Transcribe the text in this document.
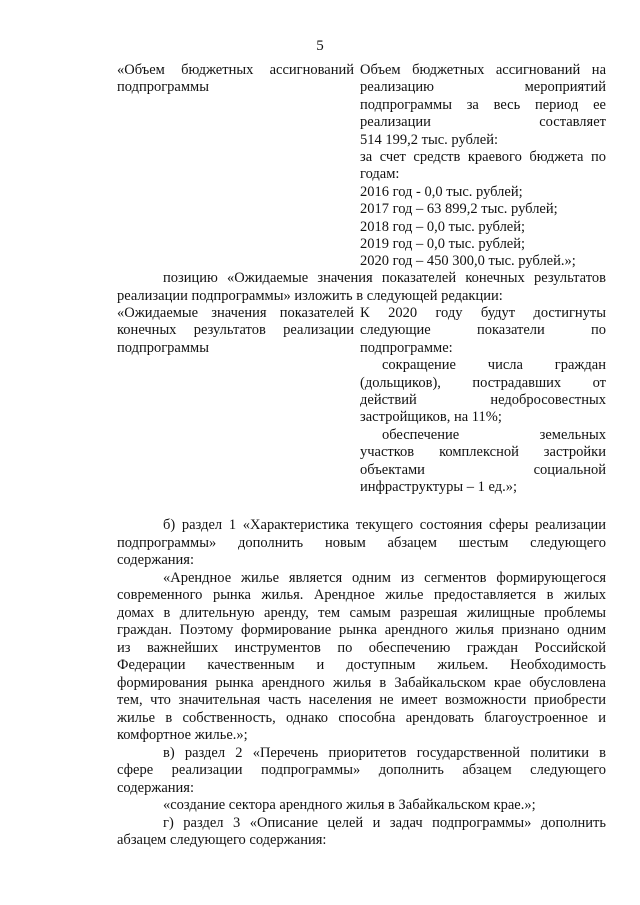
5
«Объем бюджетных ассигнований
подпрограммы
Объем бюджетных ассигнований на
реализацию мероприятий
подпрограммы за весь период ее
реализации составляет
514 199,2 тыс. рублей:
за счет средств краевого бюджета по
годам:
2016 год - 0,0 тыс. рублей;
2017 год – 63 899,2 тыс. рублей;
2018 год – 0,0 тыс. рублей;
2019 год – 0,0 тыс. рублей;
2020 год – 450 300,0 тыс. рублей.»;
позицию «Ожидаемые значения показателей конечных результатов
реализации подпрограммы» изложить в следующей редакции:
«Ожидаемые значения показателей
конечных результатов реализации
подпрограммы
К 2020 году будут достигнуты
следующие показатели по
подпрограмме:
сокращение числа граждан
(дольщиков), пострадавших от
действий недобросовестных
застройщиков, на 11%;
обеспечение земельных
участков комплексной застройки
объектами социальной
инфраструктуры – 1 ед.»;
б) раздел 1 «Характеристика текущего состояния сферы реализации
подпрограммы» дополнить новым абзацем шестым следующего
содержания:
«Арендное жилье является одним из сегментов формирующегося
современного рынка жилья. Арендное жилье предоставляется в жилых
домах в длительную аренду, тем самым разрешая жилищные проблемы
граждан. Поэтому формирование рынка арендного жилья признано одним
из важнейших инструментов по обеспечению граждан Российской
Федерации качественным и доступным жильем. Необходимость
формирования рынка арендного жилья в Забайкальском крае обусловлена
тем, что значительная часть населения не имеет возможности приобрести
жилье в собственность, однако способна арендовать благоустроенное и
комфортное жилье.»;
в) раздел 2 «Перечень приоритетов государственной политики в
сфере реализации подпрограммы» дополнить абзацем следующего
содержания:
«создание сектора арендного жилья в Забайкальском крае.»;
г) раздел 3 «Описание целей и задач подпрограммы» дополнить
абзацем следующего содержания:
